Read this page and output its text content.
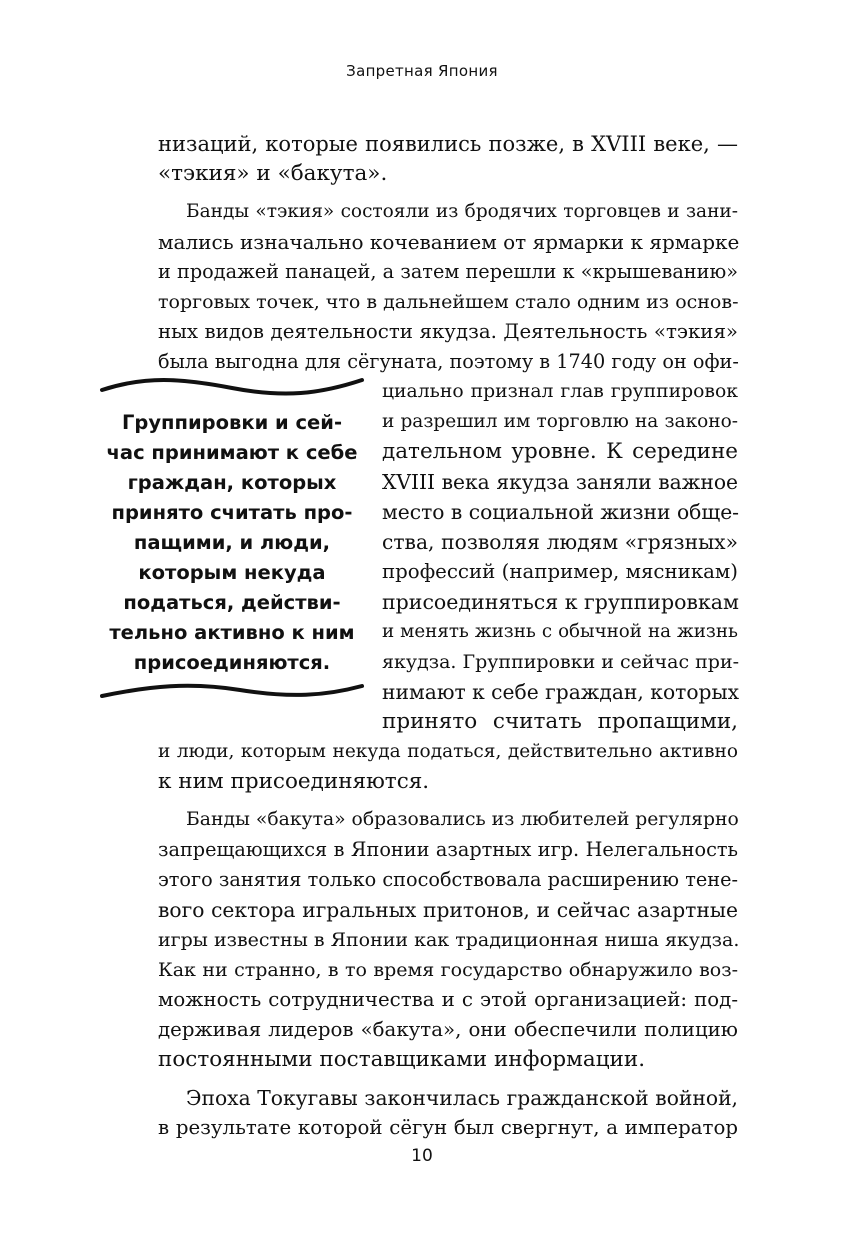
Запретная Япония
низаций, которые появились позже, в XVIII веке, —
«тэкия» и «бакута».
Банды «тэкия» состояли из бродячих торговцев и зани-
мались изначально кочеванием от ярмарки к ярмарке
и продажей панацей, а затем перешли к «крышеванию»
торговых точек, что в дальнейшем стало одним из основ-
ных видов деятельности якудза. Деятельность «тэкия»
была выгодна для сёгуната, поэтому в 1740 году он офи-
циально признал глав группировок
и разрешил им торговлю на законо-
дательном уровне. К середине
XVIII века якудза заняли важное
место в социальной жизни обще-
ства, позволяя людям «грязных»
профессий (например, мясникам)
присоединяться к группировкам
и менять жизнь с обычной на жизнь
якудза. Группировки и сейчас при-
нимают к себе граждан, которых
принято считать пропащими,
и люди, которым некуда податься, действительно активно
к ним присоединяются.
Банды «бакута» образовались из любителей регулярно
запрещающихся в Японии азартных игр. Нелегальность
этого занятия только способствовала расширению тене-
вого сектора игральных притонов, и сейчас азартные
игры известны в Японии как традиционная ниша якудза.
Как ни странно, в то время государство обнаружило воз-
можность сотрудничества и с этой организацией: под-
держивая лидеров «бакута», они обеспечили полицию
постоянными поставщиками информации.
Эпоха Токугавы закончилась гражданской войной,
в результате которой сёгун был свергнут, а император
Группировки и сей-
час принимают к себе
граждан, которых
принято считать про-
пащими, и люди,
которым некуда
податься, действи-
тельно активно к ним
присоединяются.
10
